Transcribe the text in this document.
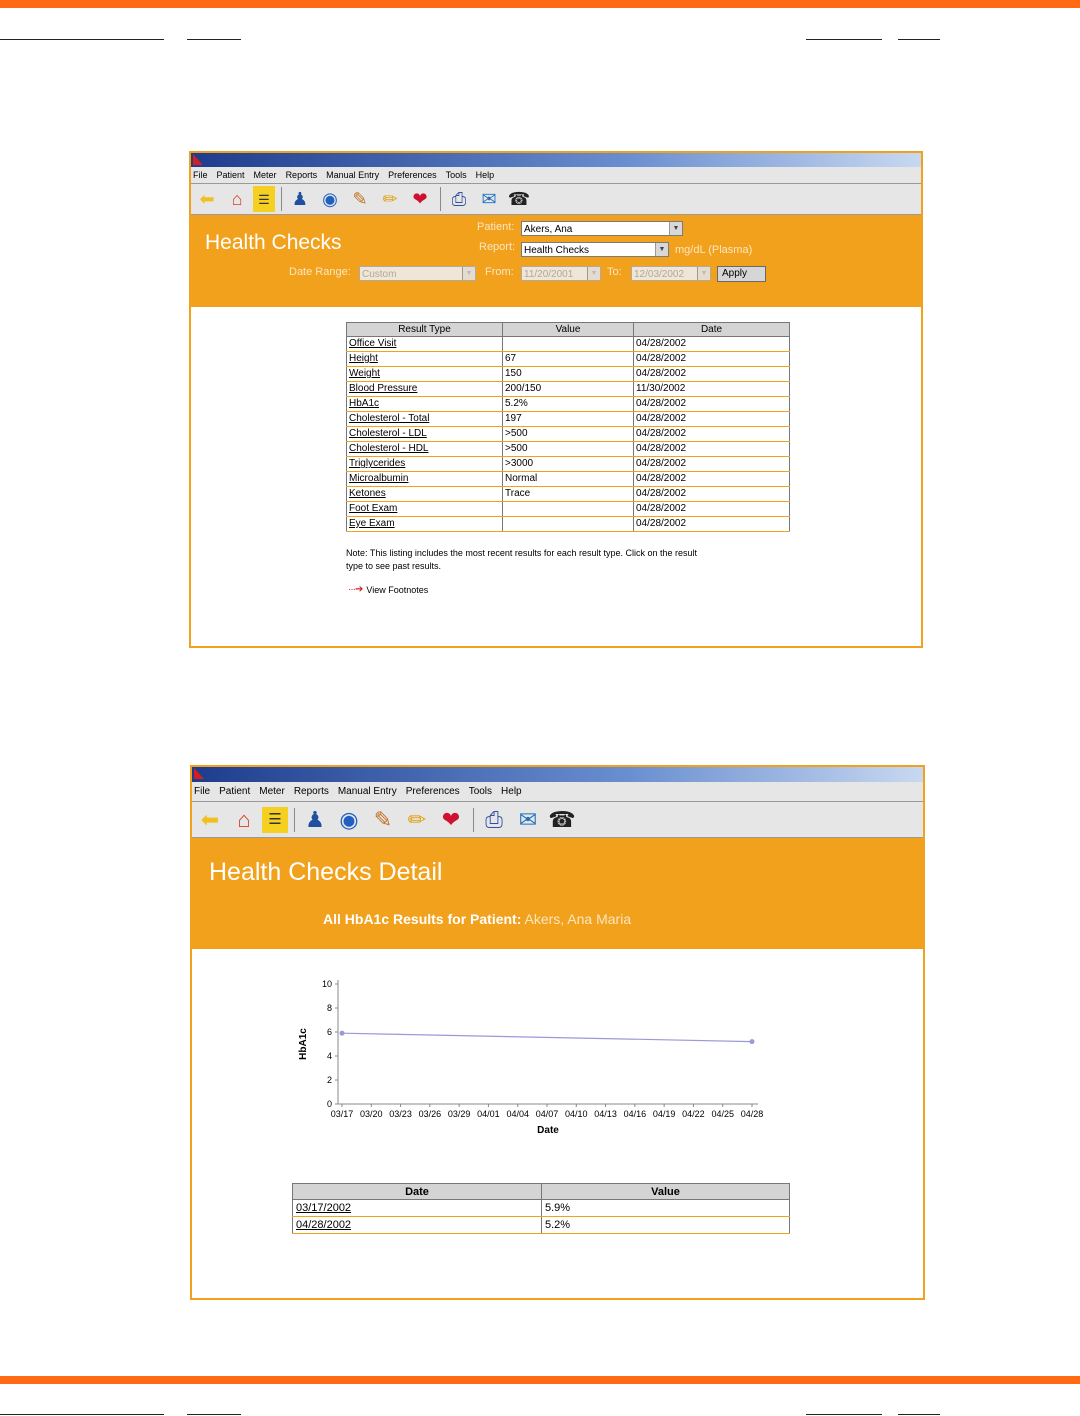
File Patient Meter Reports Manual Entry Preferences Tools Help
⬅ ⌂	☰	♟ ◉ ✎ ✏ ❤	⎙ ✉ ☎
Health Checks
Patient: Akers, Ana	▼
Report: Health Checks	▼ mg/dL (Plasma)
Date Range:	Custom	▼ From:	11/20/2001	▼ To:	12/03/2002	▼	Apply
Result Type	Value	Date
Office Visit		04/28/2002
Height	67	04/28/2002
Weight	150	04/28/2002
Blood Pressure	200/150	11/30/2002
HbA1c	5.2%	04/28/2002
Cholesterol - Total	197	04/28/2002
Cholesterol - LDL	>500	04/28/2002
Cholesterol - HDL	>500	04/28/2002
Triglycerides	>3000	04/28/2002
Microalbumin	Normal	04/28/2002
Ketones	Trace	04/28/2002
Foot Exam		04/28/2002
Eye Exam		04/28/2002
Note: This listing includes the most recent results for each result type. Click on the result
type to see past results.
···➔ View Footnotes
File Patient Meter Reports Manual Entry Preferences Tools Help
⬅ ⌂	☰ ♟ ◉ ✎ ✏ ❤	⎙ ✉ ☎
Health Checks Detail
All HbA1c Results for Patient: Akers, Ana Maria
0
2
4
6
8
10
03/17 03/20 03/23 03/26 03/29 04/01 04/04 04/07 04/10 04/13 04/16 04/19 04/22 04/25 04/28
Date
HbA1c
Date	Value
03/17/2002	5.9%
04/28/2002	5.2%
